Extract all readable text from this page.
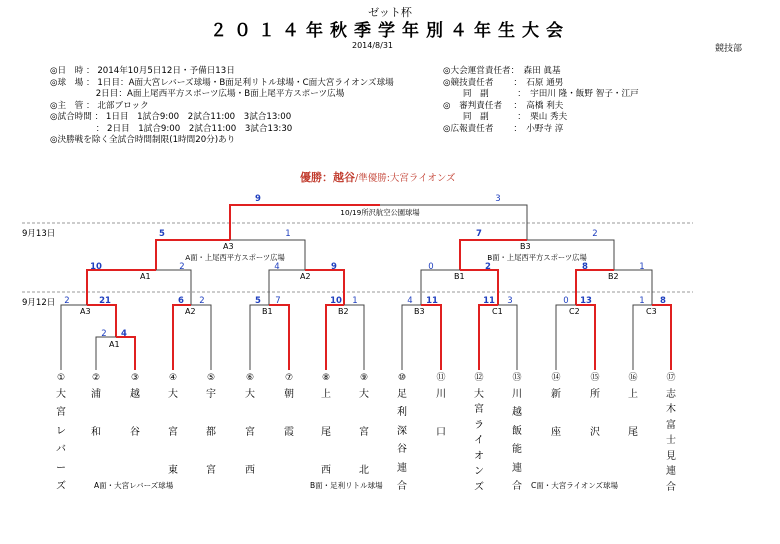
ゼット杯
２０１４年秋季学年別４年生大会
2014/8/31	競技部
◎日　時 ： 2014年10月5日12日・予備日13日
◎球　場 ： 1日目：A面大宮レバーズ球場・B面足利リトル球場・C面大宮ライオンズ球場
　　　　　 2日目：A面上尾西平方スポーツ広場・B面上尾平方スポーツ広場
◎主　管 ： 北部ブロック
◎試合時間 ： 1日目　1試合9:00　2試合11:00　3試合13:00
　　　　　 ： 2日目　1試合9:00　2試合11:00　3試合13:30
◎決勝戦を除く全試合時間制限(1時間20分)あり
◎大会運営責任者：　森田 眞基
◎競技責任者　　 ：　石原 通男
　　 同　副　　　 ：　宇田川 隆・飯野 智子・江戸
◎　審判責任者　 ：　高橋 利夫
　　 同　副　　　 ：　栗山 秀夫
◎広報責任者　　 ：　小野寺 淳
優勝：越谷/準優勝:大宮ライオンズ
9月13日
9月12日
10/19所沢航空公園球場
A面・上尾西平方スポーツ広場	B面・上尾西平方スポーツ広場
A3	B3
A1	A2	B1	B2
A3
A1
A2	B1	B2	B3	C1	C2	C3
9	3
5	1	7	2
10	2	4	9	0	2	8	1
2	21
2	4
6	2	5	7	10	1	4	11	11	3	0	13	1	8
①
大
宮
レ
バ
ー
ズ
②
浦
和
③
越
谷
④
大
宮
東
⑤
宇
都
宮
⑥
大
宮
西
⑦
朝
霞
⑧
上
尾
西
⑨
大
宮
北
⑩
足
利
深
谷
連
合
⑪
川
口
⑫
大
宮
ラ
イ
オ
ン
ズ
⑬
川
越
飯
能
連
合
⑭
新
座
⑮
所
沢
⑯
上
尾
⑰
志
木
富
士
見
連
合
A面・大宮レバーズ球場	B面・足利リトル球場	C面・大宮ライオンズ球場
